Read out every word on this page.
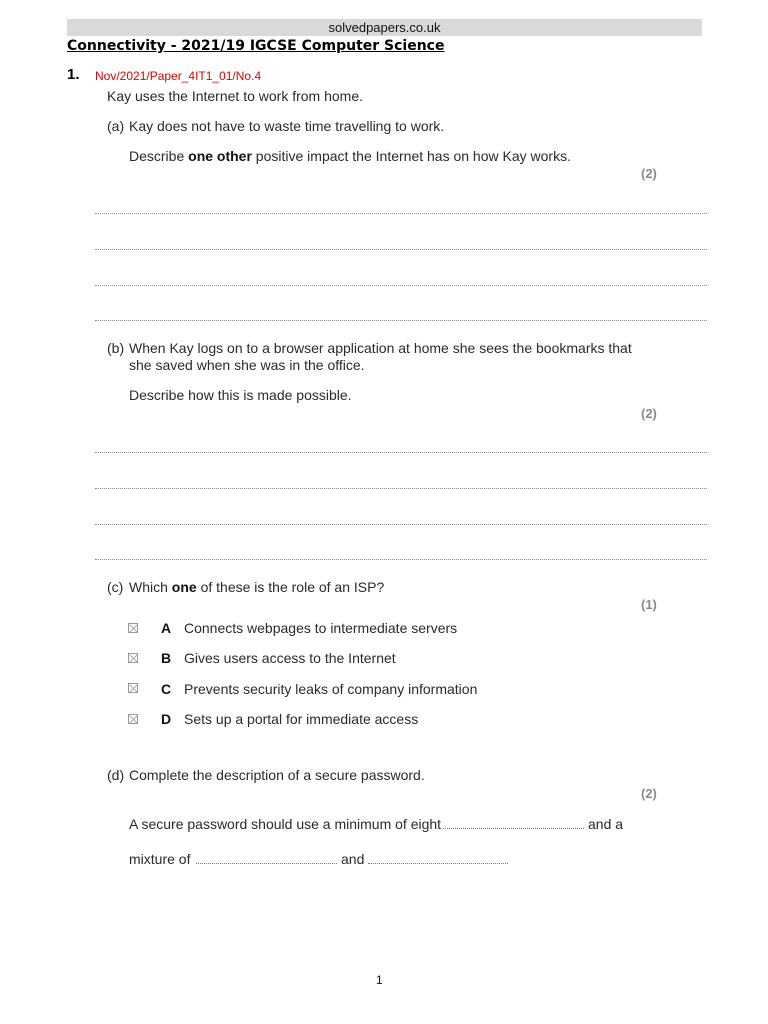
solvedpapers.co.uk
Connectivity - 2021/19 IGCSE Computer Science
1. Nov/2021/Paper_4IT1_01/No.4
Kay uses the Internet to work from home.
(a) Kay does not have to waste time travelling to work.
Describe one other positive impact the Internet has on how Kay works.
(2)
(b) When Kay logs on to a browser application at home she sees the bookmarks that
she saved when she was in the office.
Describe how this is made possible.
(2)
(c) Which one of these is the role of an ISP?
(1)
A Connects webpages to intermediate servers
B Gives users access to the Internet
C Prevents security leaks of company information
D Sets up a portal for immediate access
(d) Complete the description of a secure password.
(2)
A secure password should use a minimum of eight	and a
mixture of	and
1
